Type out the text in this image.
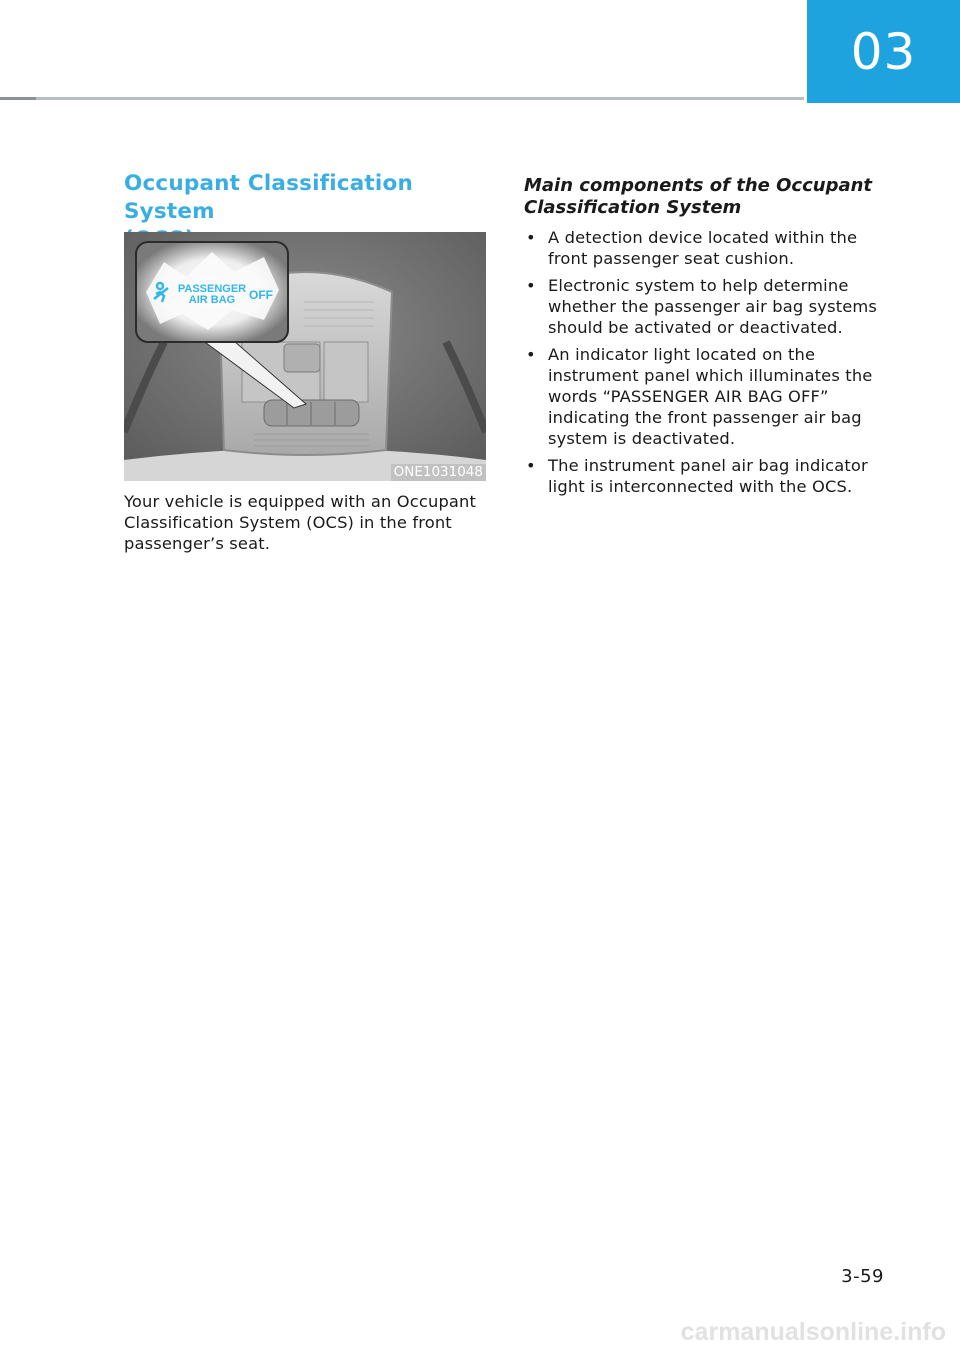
03
Occupant Classification System

PASSENGER
AIR BAG	OFF
ONE1031048

Your vehicle is equipped with an Occupant Classification System (OCS) in the front passenger’s seat.

Main components of the Occupant
Classification System
• A detection device located within the front passenger seat cushion.
• Electronic system to help determine whether the passenger air bag systems should be activated or deactivated.
• An indicator light located on the instrument panel which illuminates the words “PASSENGER AIR BAG OFF” indicating the front passenger air bag system is deactivated.
• The instrument panel air bag indicator light is interconnected with the OCS.
3-59
carmanualsonline.info
